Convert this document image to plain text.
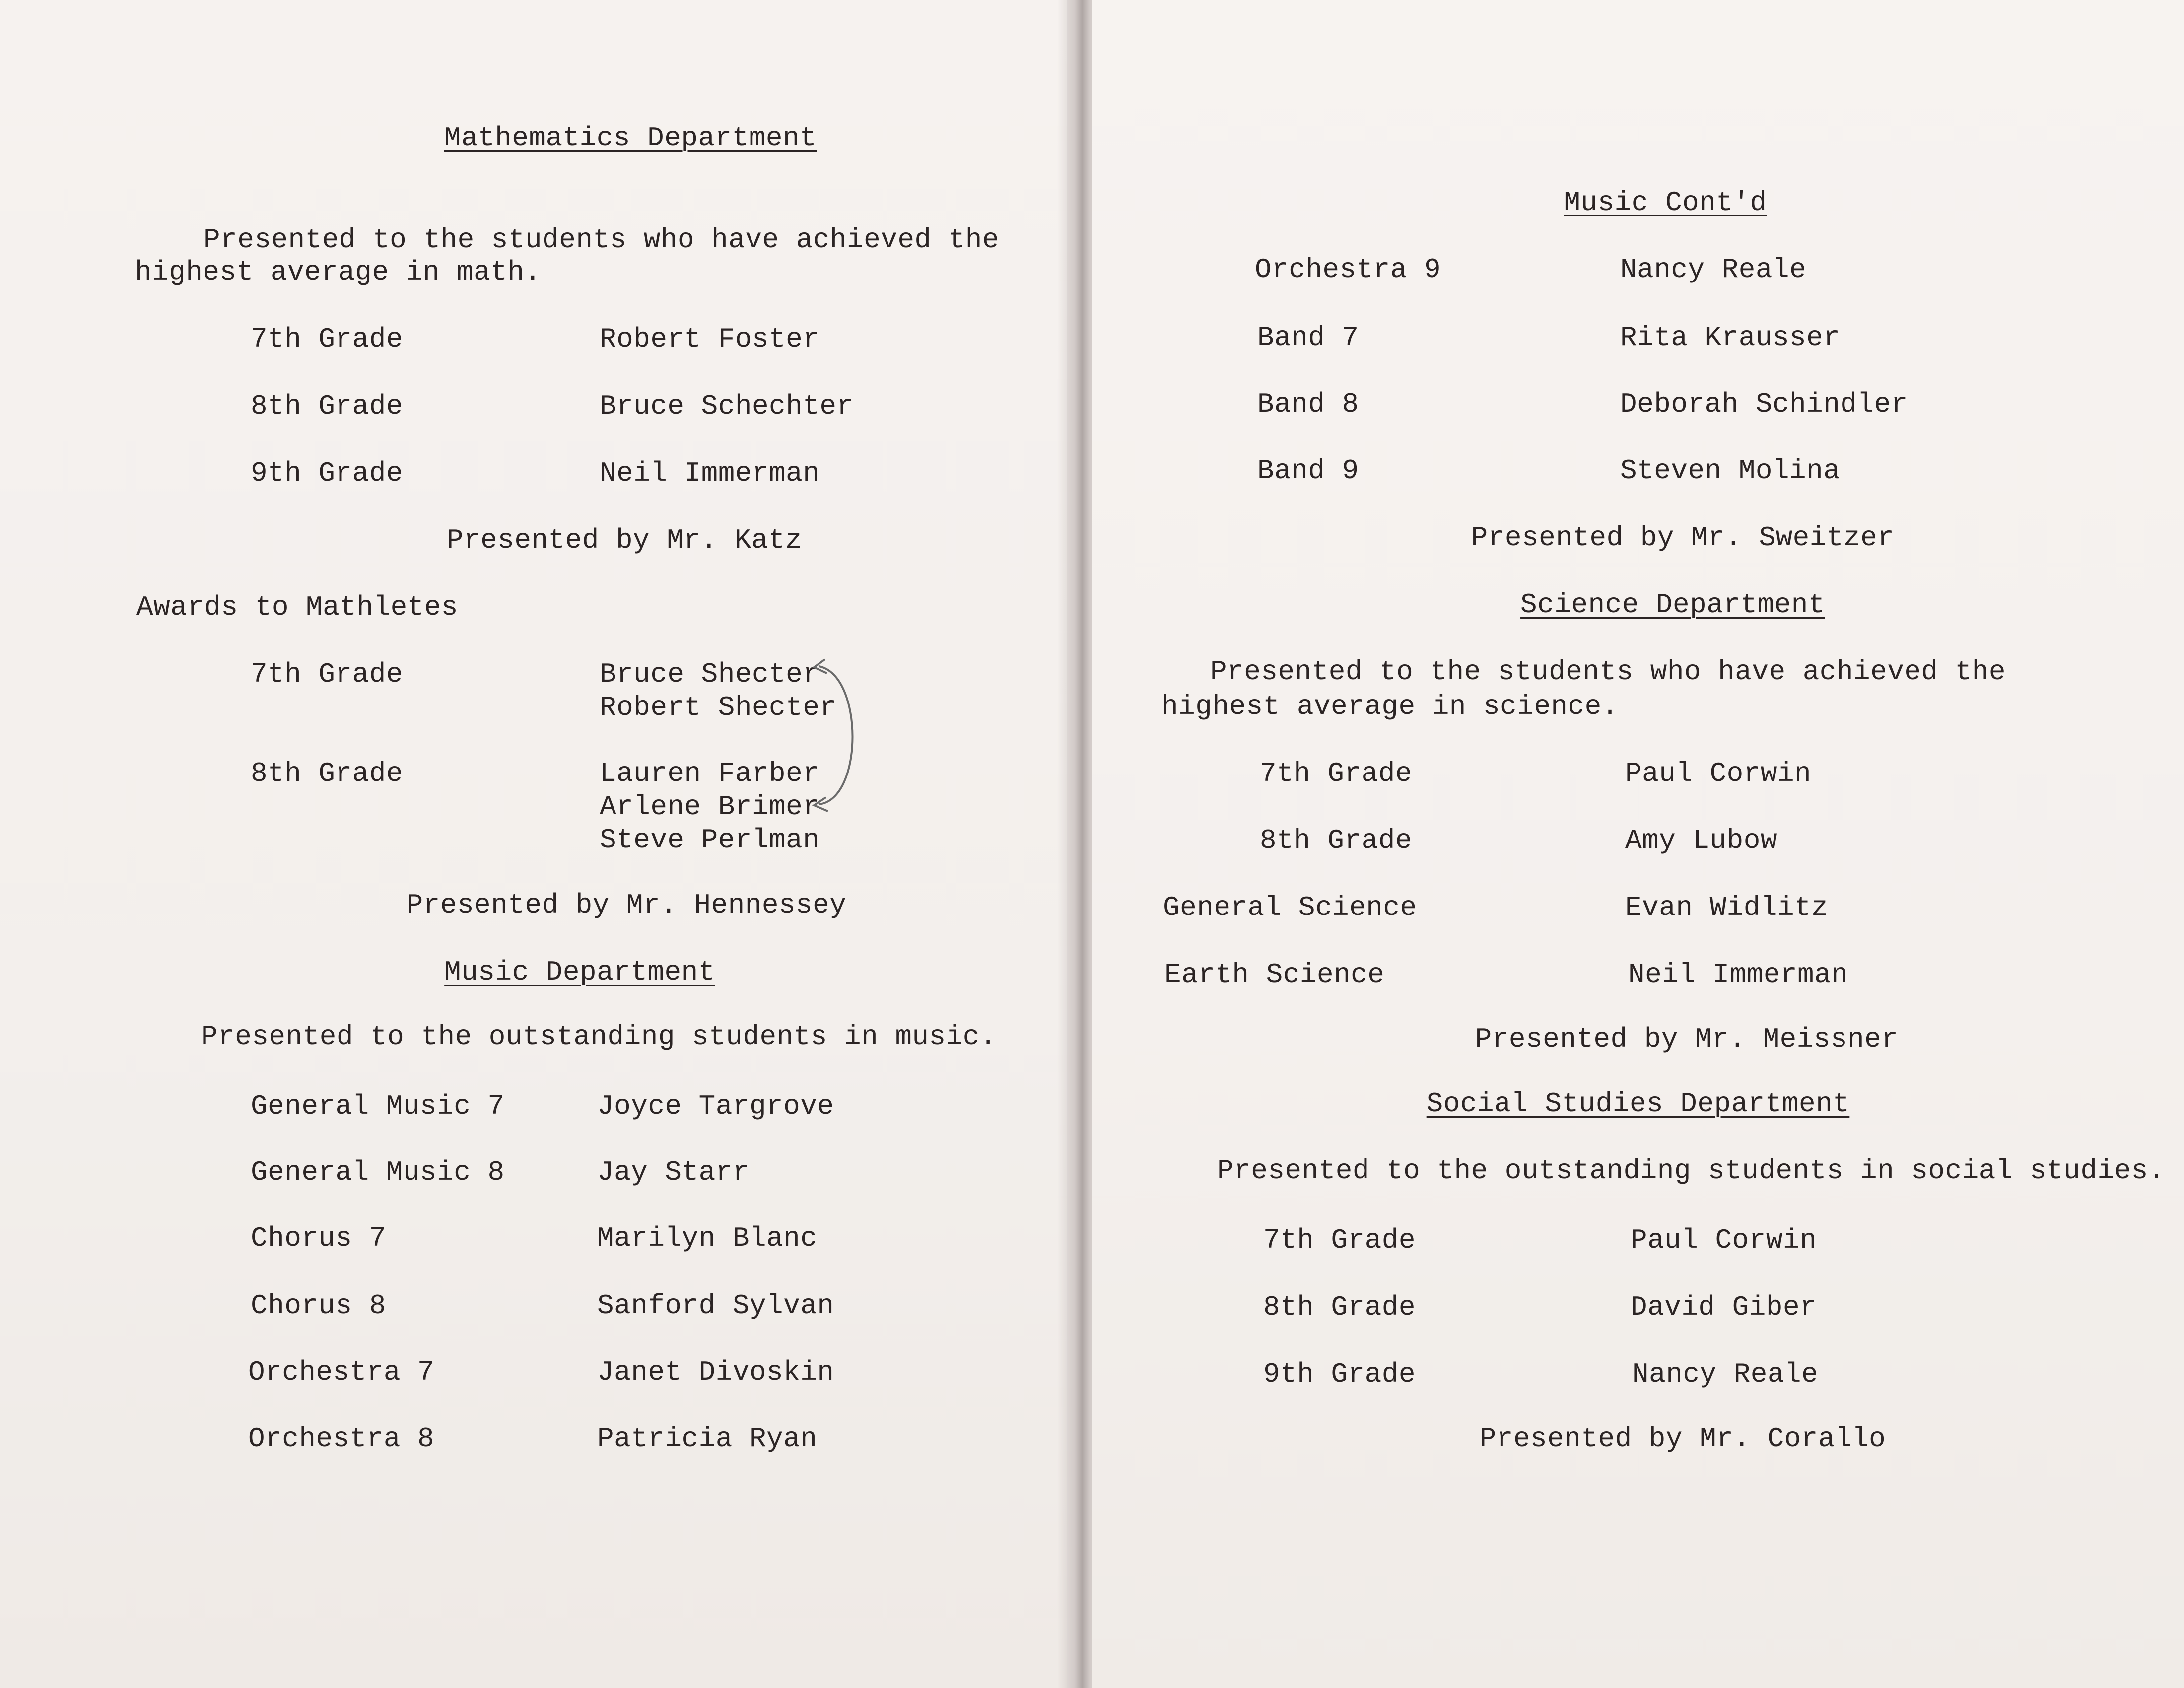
Mathematics Department
Presented to the students who have achieved the
highest average in math.
7th Grade	Robert Foster
8th Grade	Bruce Schechter
9th Grade	Neil Immerman
Presented by Mr. Katz
Awards to Mathletes
7th Grade	Bruce Shecter
Robert Shecter
8th Grade	Lauren Farber
Arlene Brimer
Steve Perlman
Presented by Mr. Hennessey
Music Department
Presented to the outstanding students in music.
General Music 7	Joyce Targrove
General Music 8	Jay Starr
Chorus 7	Marilyn Blanc
Chorus 8	Sanford Sylvan
Orchestra 7	Janet Divoskin
Orchestra 8	Patricia Ryan
Music Cont'd
Orchestra 9	Nancy Reale
Band 7	Rita Krausser
Band 8	Deborah Schindler
Band 9	Steven Molina
Presented by Mr. Sweitzer
Science Department
Presented to the students who have achieved the
highest average in science.
7th Grade	Paul Corwin
8th Grade	Amy Lubow
General Science	Evan Widlitz
Earth Science	Neil Immerman
Presented by Mr. Meissner
Social Studies Department
Presented to the outstanding students in social studies.
7th Grade	Paul Corwin
8th Grade	David Giber
9th Grade	Nancy Reale
Presented by Mr. Corallo
